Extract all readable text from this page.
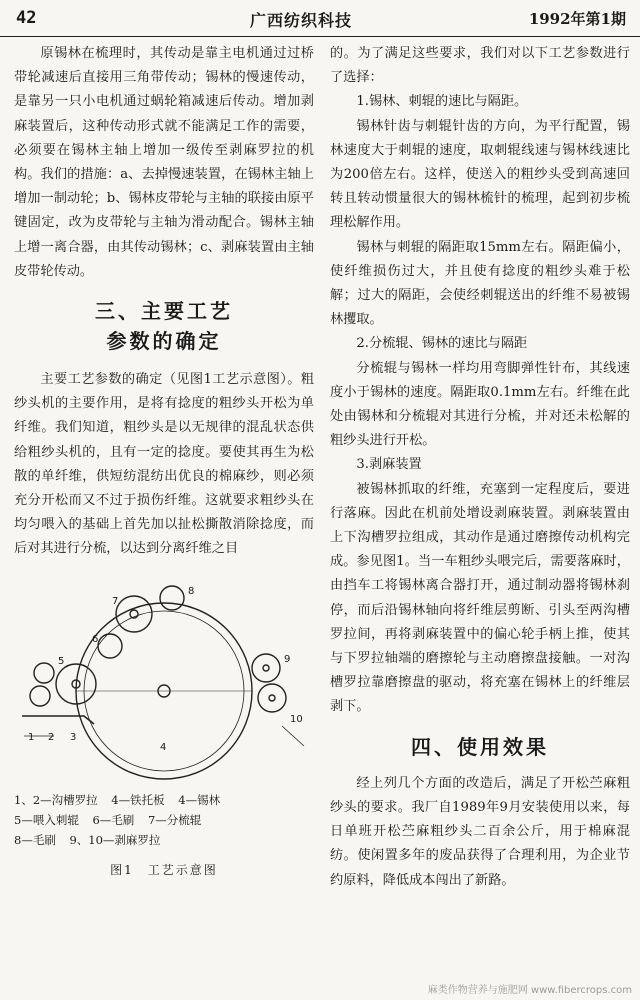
42	广西纺织科技	1992年第1期

原锡林在梳理时，其传动是靠主电机通过过桥带轮减速后直接用三角带传动；锡林的慢速传动，是靠另一只小电机通过蜗轮箱减速后传动。增加剥麻装置后，这种传动形式就不能满足工作的需要，必须要在锡林主轴上增加一级传至剥麻罗拉的机构。我们的措施：a、去掉慢速装置，在锡林主轴上增加一制动轮；b、锡林皮带轮与主轴的联接由原平键固定，改为皮带轮与主轴为滑动配合。锡林主轴上增一离合器，由其传动锡林；c、剥麻装置由主轴皮带轮传动。

三、主要工艺
参数的确定

主要工艺参数的确定（见图1工艺示意图）。粗纱头机的主要作用，是将有捻度的粗纱头开松为单纤维。我们知道，粗纱头是以无规律的混乱状态供给粗纱头机的，且有一定的捻度。要使其再生为松散的单纤维，供短纺混纺出优良的棉麻纱，则必须充分开松而又不过于损伤纤维。这就要求粗纱头在均匀喂入的基础上首先加以扯松撕散消除捻度，而后对其进行分梳，以达到分离纤维之目

1 2 3
4
5
6
7
8
9
10
1、2—沟槽罗拉 4—铁托板 4—锡林
5—喂入刺辊 6—毛刷 7—分梳辊
8—毛刷 9、10—剥麻罗拉
图1　工艺示意图

的。为了满足这些要求，我们对以下工艺参数进行了选择：

1.锡林、刺辊的速比与隔距。

锡林针齿与刺辊针齿的方向，为平行配置，锡林速度大于刺辊的速度，取刺辊线速与锡林线速比为200倍左右。这样，使送入的粗纱头受到高速回转且转动惯量很大的锡林梳针的梳理，起到初步梳理松解作用。

锡林与刺辊的隔距取15mm左右。隔距偏小，使纤维损伤过大，并且使有捻度的粗纱头难于松解；过大的隔距，会使经刺辊送出的纤维不易被锡林攫取。

2.分梳辊、锡林的速比与隔距

分梳辊与锡林一样均用弯脚弹性针布，其线速度小于锡林的速度。隔距取0.1mm左右。纤维在此处由锡林和分梳辊对其进行分梳，并对还未松解的粗纱头进行开松。

3.剥麻装置

被锡林抓取的纤维，充塞到一定程度后，要进行落麻。因此在机前处增设剥麻装置。剥麻装置由上下沟槽罗拉组成，其动作是通过磨擦传动机构完成。参见图1。当一车粗纱头喂完后，需要落麻时，由挡车工将锡林离合器打开，通过制动器将锡林刹停，而后沿锡林轴向将纤维层剪断、引头至两沟槽罗拉间，再将剥麻装置中的偏心轮手柄上推，使其与下罗拉轴端的磨擦轮与主动磨擦盘接触。一对沟槽罗拉靠磨擦盘的驱动，将充塞在锡林上的纤维层剥下。

四、使用效果

经上列几个方面的改造后，满足了开松苎麻粗纱头的要求。我厂自1989年9月安装使用以来，每日单班开松苎麻粗纱头二百余公斤，用于棉麻混纺。使闲置多年的废品获得了合理利用，为企业节约原料，降低成本闯出了新路。

麻类作物营养与施肥网 www.fibercrops.com
